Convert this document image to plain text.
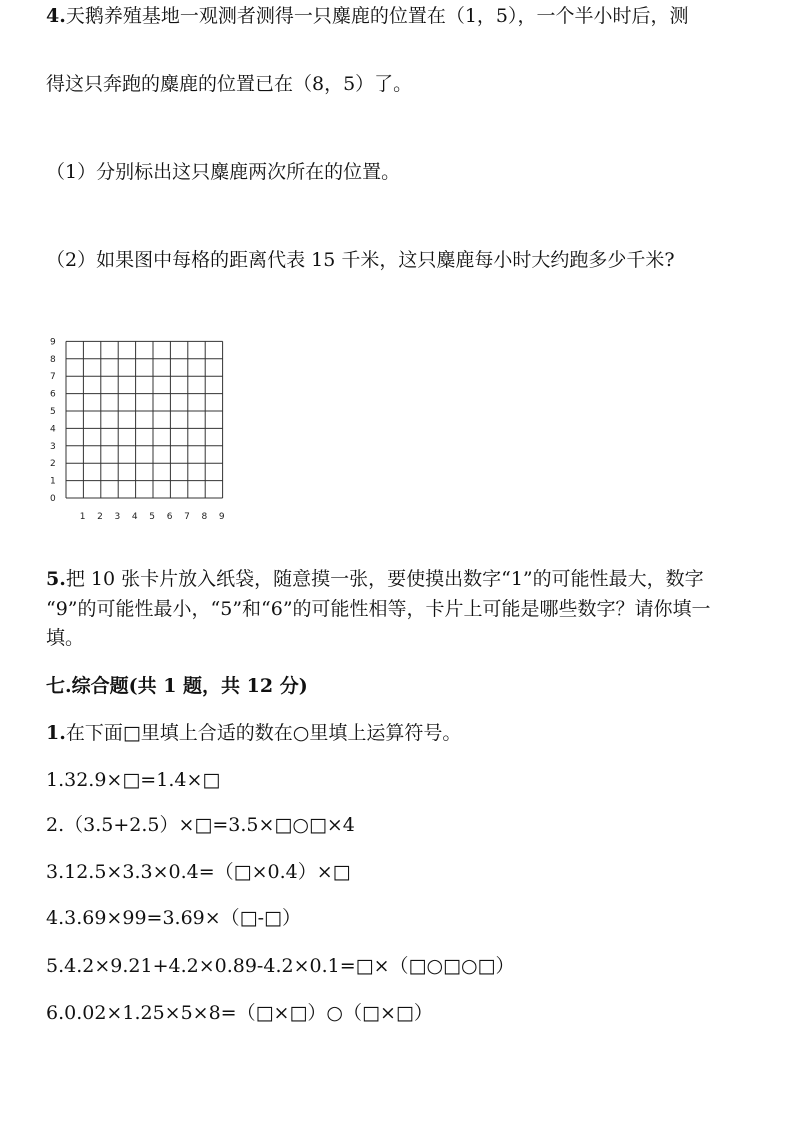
4.天鹅养殖基地一观测者测得一只麋鹿的位置在（1，5），一个半小时后，测
得这只奔跑的麋鹿的位置已在（8，5）了。
（1）分别标出这只麋鹿两次所在的位置。
（2）如果图中每格的距离代表 15 千米，这只麋鹿每小时大约跑多少千米?
0
1
2
3
4
5
6
7
8
9
1 2 3 4 5 6 7 8 9
5.把 10 张卡片放入纸袋，随意摸一张，要使摸出数字“1”的可能性最大，数字
“9”的可能性最小，“5”和“6”的可能性相等，卡片上可能是哪些数字？请你填一
填。
七.综合题(共 1 题，共 12 分)
1.在下面□里填上合适的数在○里填上运算符号。
1.32.9×□=1.4×□
2.（3.5+2.5）×□=3.5×□○□×4
3.12.5×3.3×0.4=（□×0.4）×□
4.3.69×99=3.69×（□-□）
5.4.2×9.21+4.2×0.89-4.2×0.1=□×（□○□○□）
6.0.02×1.25×5×8=（□×□）○（□×□）
